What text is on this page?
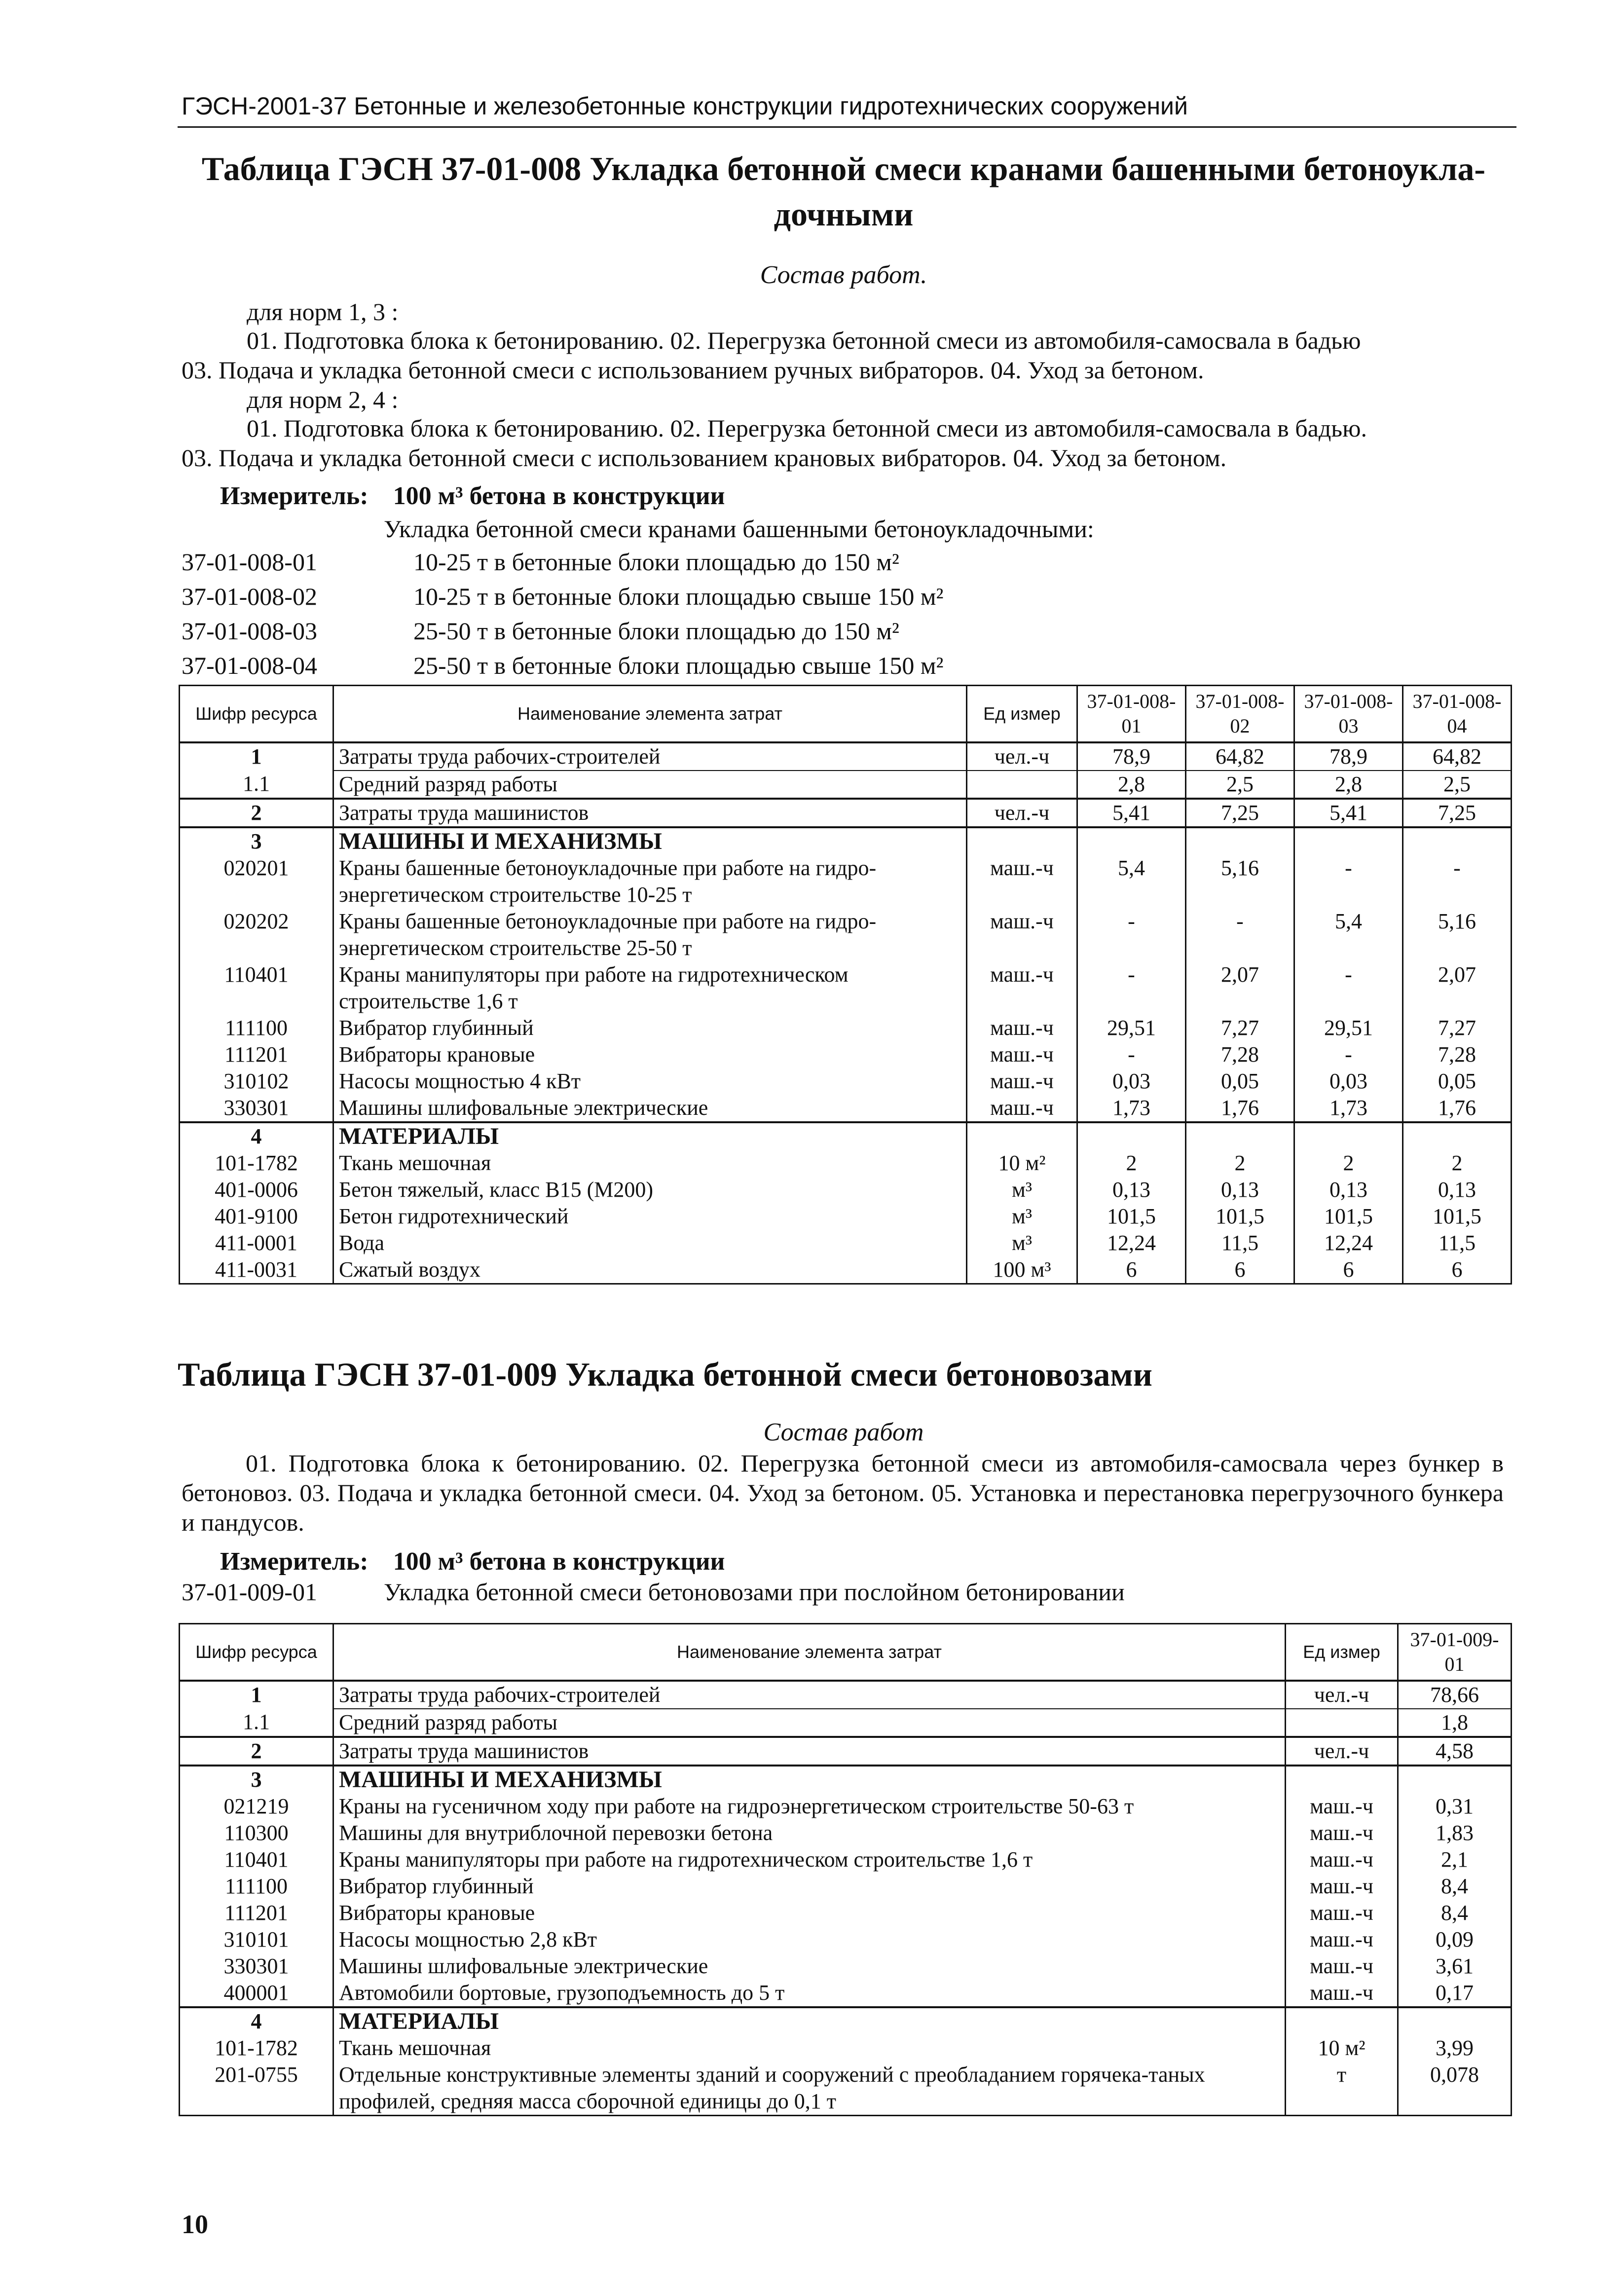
ГЭСН-2001-37 Бетонные и железобетонные конструкции гидротехнических сооружений
Таблица ГЭСН 37-01-008 Укладка бетонной смеси кранами башенными бетоноукла-
дочными
Состав работ.
для норм 1, 3 :
01. Подготовка блока к бетонированию. 02. Перегрузка бетонной смеси из автомобиля-самосвала в бадью
03. Подача и укладка бетонной смеси с использованием ручных вибраторов. 04. Уход за бетоном.
для норм 2, 4 :
01. Подготовка блока к бетонированию. 02. Перегрузка бетонной смеси из автомобиля-самосвала в бадью.
03. Подача и укладка бетонной смеси с использованием крановых вибраторов. 04. Уход за бетоном.
Измеритель: 100 м³ бетона в конструкции
Укладка бетонной смеси кранами башенными бетоноукладочными:
37-01-008-01	10-25 т в бетонные блоки площадью до 150 м²
37-01-008-02	10-25 т в бетонные блоки площадью свыше 150 м²
37-01-008-03	25-50 т в бетонные блоки площадью до 150 м²
37-01-008-04	25-50 т в бетонные блоки площадью свыше 150 м²
Шифр ресурса	Наименование элемента затрат	Ед измер	37-01-008-01	37-01-008-02	37-01-008-03	37-01-008-04
1	Затраты труда рабочих-строителей	чел.-ч	78,9	64,82	78,9	64,82
1.1	Средний разряд работы		2,8	2,5	2,8	2,5
2	Затраты труда машинистов	чел.-ч	5,41	7,25	5,41	7,25
3	МАШИНЫ И МЕХАНИЗМЫ					
020201	Краны башенные бетоноукладочные при работе на гидро-энергетическом строительстве 10-25 т	маш.-ч	5,4	5,16	-	-
020202	Краны башенные бетоноукладочные при работе на гидро-энергетическом строительстве 25-50 т	маш.-ч	-	-	5,4	5,16
110401	Краны манипуляторы при работе на гидротехническом строительстве 1,6 т	маш.-ч	-	2,07	-	2,07
111100	Вибратор глубинный	маш.-ч	29,51	7,27	29,51	7,27
111201	Вибраторы крановые	маш.-ч	-	7,28	-	7,28
310102	Насосы мощностью 4 кВт	маш.-ч	0,03	0,05	0,03	0,05
330301	Машины шлифовальные электрические	маш.-ч	1,73	1,76	1,73	1,76
4	МАТЕРИАЛЫ					
101-1782	Ткань мешочная	10 м²	2	2	2	2
401-0006	Бетон тяжелый, класс В15 (М200)	м³	0,13	0,13	0,13	0,13
401-9100	Бетон гидротехнический	м³	101,5	101,5	101,5	101,5
411-0001	Вода	м³	12,24	11,5	12,24	11,5
411-0031	Сжатый воздух	100 м³	6	6	6	6
Таблица ГЭСН 37-01-009 Укладка бетонной смеси бетоновозами
Состав работ
01. Подготовка блока к бетонированию. 02. Перегрузка бетонной смеси из автомобиля-самосвала через бункер в бетоновоз. 03. Подача и укладка бетонной смеси. 04. Уход за бетоном. 05. Установка и перестановка перегрузочного бункера и пандусов.
Измеритель: 100 м³ бетона в конструкции
37-01-009-01	Укладка бетонной смеси бетоновозами при послойном бетонировании
Шифр ресурса	Наименование элемента затрат	Ед измер	37-01-009-01
1	Затраты труда рабочих-строителей	чел.-ч	78,66
1.1	Средний разряд работы		1,8
2	Затраты труда машинистов	чел.-ч	4,58
3	МАШИНЫ И МЕХАНИЗМЫ		
021219	Краны на гусеничном ходу при работе на гидроэнергетическом строительстве 50-63 т	маш.-ч	0,31
110300	Машины для внутриблочной перевозки бетона	маш.-ч	1,83
110401	Краны манипуляторы при работе на гидротехническом строительстве 1,6 т	маш.-ч	2,1
111100	Вибратор глубинный	маш.-ч	8,4
111201	Вибраторы крановые	маш.-ч	8,4
310101	Насосы мощностью 2,8 кВт	маш.-ч	0,09
330301	Машины шлифовальные электрические	маш.-ч	3,61
400001	Автомобили бортовые, грузоподъемность до 5 т	маш.-ч	0,17
4	МАТЕРИАЛЫ		
101-1782	Ткань мешочная	10 м²	3,99
201-0755	Отдельные конструктивные элементы зданий и сооружений с преобладанием горячека-таных профилей, средняя масса сборочной единицы до 0,1 т	т	0,078
10
